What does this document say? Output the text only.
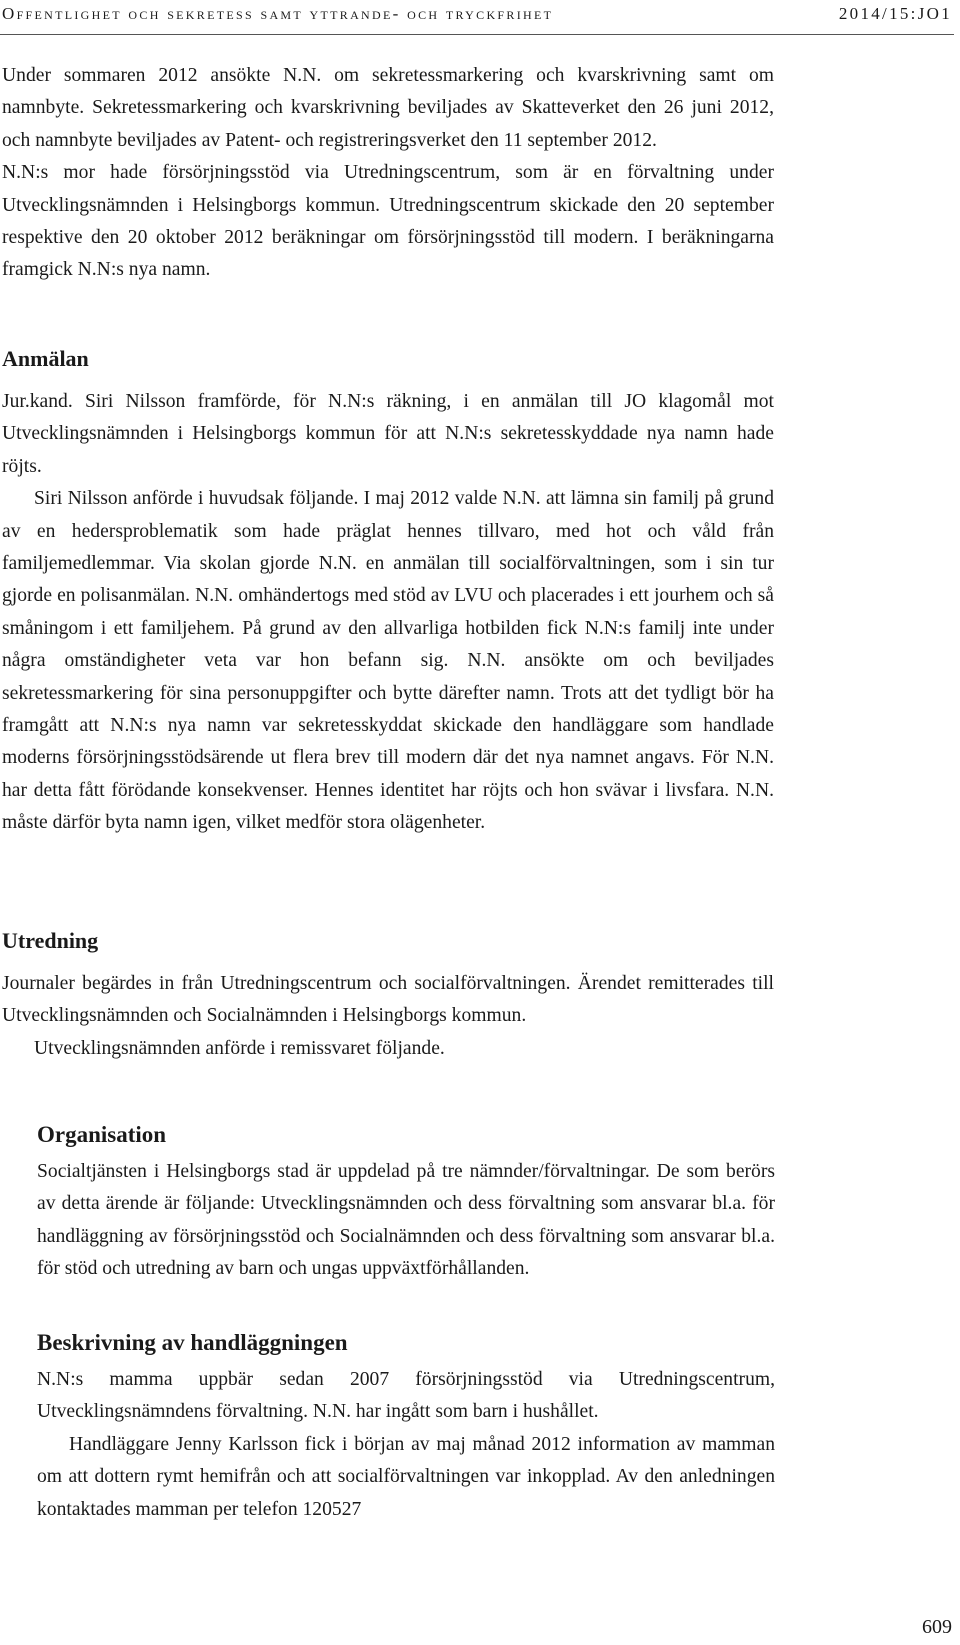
Offentlighet och sekretess samt yttrande- och tryckfrihet	2014/15:JO1

Under sommaren 2012 ansökte N.N. om sekretessmarkering och kvarskrivning samt om namnbyte. Sekretessmarkering och kvarskrivning beviljades av Skatteverket den 26 juni 2012, och namnbyte beviljades av Patent- och registreringsverket den 11 september 2012.

N.N:s mor hade försörjningsstöd via Utredningscentrum, som är en förvaltning under Utvecklingsnämnden i Helsingborgs kommun. Utredningscentrum skickade den 20 september respektive den 20 oktober 2012 beräkningar om försörjningsstöd till modern. I beräkningarna framgick N.N:s nya namn.

Anmälan

Jur.kand. Siri Nilsson framförde, för N.N:s räkning, i en anmälan till JO klagomål mot Utvecklingsnämnden i Helsingborgs kommun för att N.N:s sekretesskyddade nya namn hade röjts.

Siri Nilsson anförde i huvudsak följande. I maj 2012 valde N.N. att lämna sin familj på grund av en hedersproblematik som hade präglat hennes tillvaro, med hot och våld från familjemedlemmar. Via skolan gjorde N.N. en anmälan till socialförvaltningen, som i sin tur gjorde en polisanmälan. N.N. omhändertogs med stöd av LVU och placerades i ett jourhem och så småningom i ett familjehem. På grund av den allvarliga hotbilden fick N.N:s familj inte under några omständigheter veta var hon befann sig. N.N. ansökte om och beviljades sekretessmarkering för sina personuppgifter och bytte därefter namn. Trots att det tydligt bör ha framgått att N.N:s nya namn var sekretesskyddat skickade den handläggare som handlade moderns försörjningsstödsärende ut flera brev till modern där det nya namnet angavs. För N.N. har detta fått förödande konsekvenser. Hennes identitet har röjts och hon svävar i livsfara. N.N. måste därför byta namn igen, vilket medför stora olägenheter.

Utredning

Journaler begärdes in från Utredningscentrum och socialförvaltningen. Ärendet remitterades till Utvecklingsnämnden och Socialnämnden i Helsingborgs kommun.

Utvecklingsnämnden anförde i remissvaret följande.

Organisation

Socialtjänsten i Helsingborgs stad är uppdelad på tre nämnder/förvaltningar. De som berörs av detta ärende är följande: Utvecklingsnämnden och dess förvaltning som ansvarar bl.a. för handläggning av försörjningsstöd och Socialnämnden och dess förvaltning som ansvarar bl.a. för stöd och utredning av barn och ungas uppväxtförhållanden.

Beskrivning av handläggningen

N.N:s mamma uppbär sedan 2007 försörjningsstöd via Utredningscentrum, Utvecklingsnämndens förvaltning. N.N. har ingått som barn i hushållet.

Handläggare Jenny Karlsson fick i början av maj månad 2012 information av mamman om att dottern rymt hemifrån och att socialförvaltningen var inkopplad. Av den anledningen kontaktades mamman per telefon 120527

609
